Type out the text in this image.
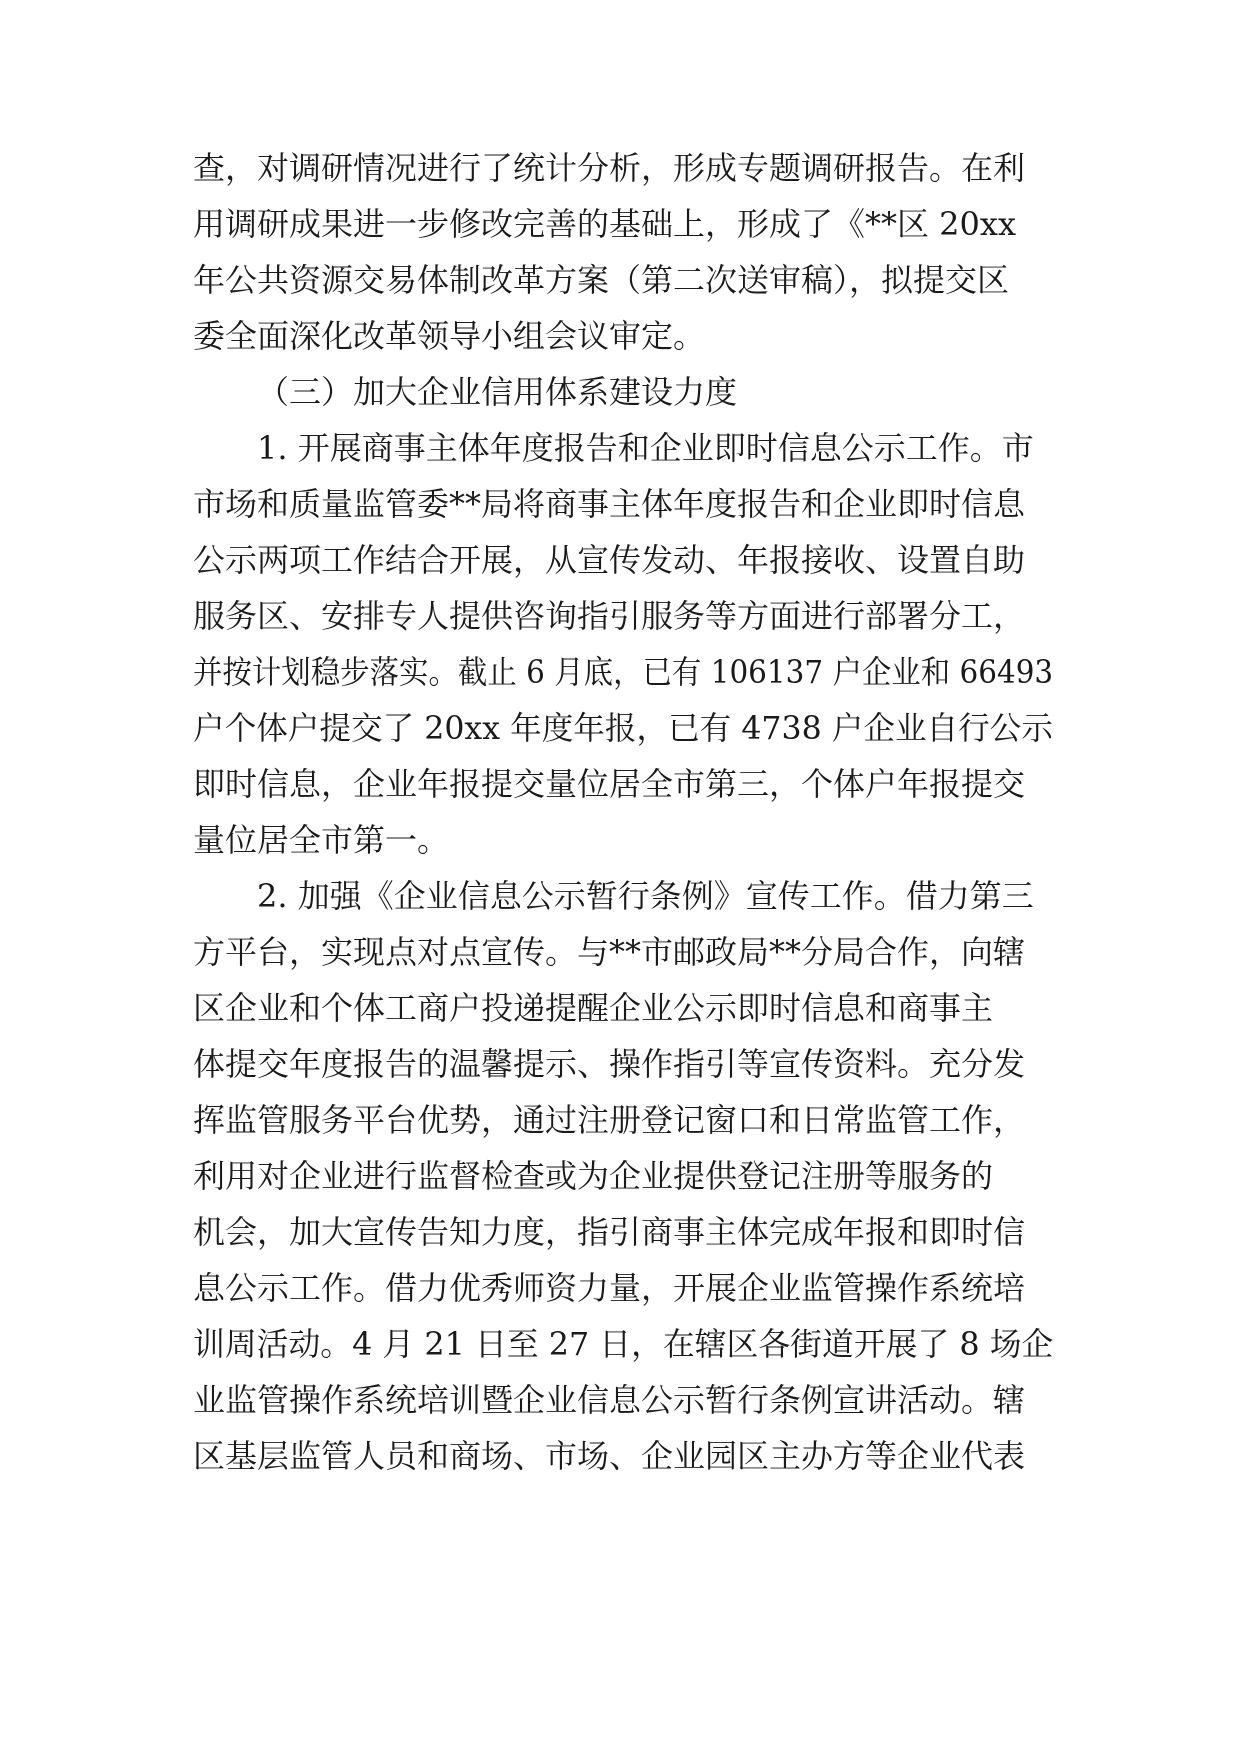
查，对调研情况进行了统计分析，形成专题调研报告。在利
用调研成果进一步修改完善的基础上，形成了《**区 20xx
年公共资源交易体制改革方案（第二次送审稿），拟提交区
委全面深化改革领导小组会议审定。
（三）加大企业信用体系建设力度
1. 开展商事主体年度报告和企业即时信息公示工作。市
市场和质量监管委**局将商事主体年度报告和企业即时信息
公示两项工作结合开展，从宣传发动、年报接收、设置自助
服务区、安排专人提供咨询指引服务等方面进行部署分工，
并按计划稳步落实。截止 6 月底，已有 106137 户企业和 66493
户个体户提交了 20xx 年度年报，已有 4738 户企业自行公示
即时信息，企业年报提交量位居全市第三，个体户年报提交
量位居全市第一。
2. 加强《企业信息公示暂行条例》宣传工作。借力第三
方平台，实现点对点宣传。与**市邮政局**分局合作，向辖
区企业和个体工商户投递提醒企业公示即时信息和商事主
体提交年度报告的温馨提示、操作指引等宣传资料。充分发
挥监管服务平台优势，通过注册登记窗口和日常监管工作，
利用对企业进行监督检查或为企业提供登记注册等服务的
机会，加大宣传告知力度，指引商事主体完成年报和即时信
息公示工作。借力优秀师资力量，开展企业监管操作系统培
训周活动。4 月 21 日至 27 日，在辖区各街道开展了 8 场企
业监管操作系统培训暨企业信息公示暂行条例宣讲活动。辖
区基层监管人员和商场、市场、企业园区主办方等企业代表
